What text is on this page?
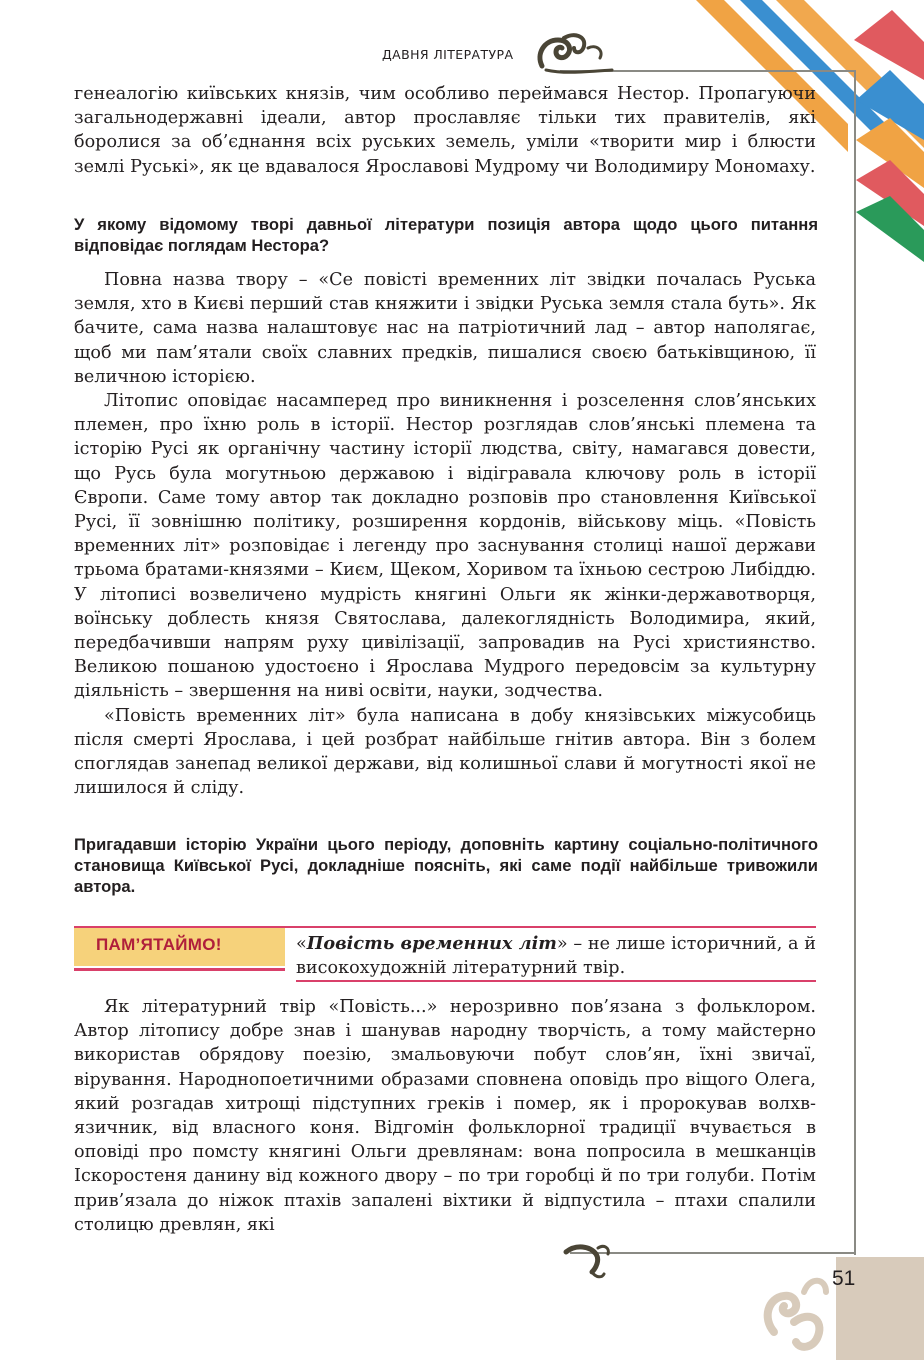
ДАВНЯ ЛІТЕРАТУРА

генеалогію київських князів, чим особливо переймався Нестор. Пропагуючи загальнодержавні ідеали, автор прославляє тільки тих правителів, які боролися за об’єднання всіх руських земель, уміли «творити мир і блюсти землі Руські», як це вдавалося Ярославові Мудрому чи Володимиру Мономаху.

У якому відомому творі давньої літератури позиція автора щодо цього питання відповідає поглядам Нестора?

Повна назва твору – «Се повісті временних літ звідки почалась Руська земля, хто в Києві перший став княжити і звідки Руська земля стала буть». Як бачите, сама назва налаштовує нас на патріотичний лад – автор наполягає, щоб ми пам’ятали своїх славних предків, пишалися своєю батьківщиною, її величною історією.

Літопис оповідає насамперед про виникнення і розселення слов’янських племен, про їхню роль в історії. Нестор розглядав слов’янські племена та історію Русі як органічну частину історії людства, світу, намагався довести, що Русь була могутньою державою і відігравала ключову роль в історії Європи. Саме тому автор так докладно розповів про становлення Київської Русі, її зовнішню політику, розширення кордонів, військову міць. «Повість временних літ» розповідає і легенду про заснування столиці нашої держави трьома братами-князями – Києм, Щеком, Хоривом та їхньою сестрою Либіддю. У літописі возвеличено мудрість княгині Ольги як жінки-державотворця, воїнську доблесть князя Святослава, далекоглядність Володимира, який, передбачивши напрям руху цивілізації, запровадив на Русі християнство. Великою пошаною удостоєно і Ярослава Мудрого передовсім за культурну діяльність – звершення на ниві освіти, науки, зодчества.

«Повість временних літ» була написана в добу князівських міжусобиць після смерті Ярослава, і цей розбрат найбільше гнітив автора. Він з болем споглядав занепад великої держави, від колишньої слави й могутності якої не лишилося й сліду.

Пригадавши історію України цього періоду, доповніть картину соціально-політичного становища Київської Русі, докладніше поясніть, які саме події найбільше тривожили автора.
ПАМ’ЯТАЙМО!	«Повість временних літ» – не лише історичний, а й високохудожній літературний твір.

Як літературний твір «Повість...» нерозривно пов’язана з фольклором. Автор літопису добре знав і шанував народну творчість, а тому майстерно використав обрядову поезію, змальовуючи побут слов’ян, їхні звичаї, вірування. Народнопоетичними образами сповнена оповідь про віщого Олега, який розгадав хитрощі підступних греків і помер, як і пророкував волхв-язичник, від власного коня. Відгомін фольклорної традиції вчувається в оповіді про помсту княгині Ольги древлянам: вона попросила в мешканців Іскоростеня данину від кожного двору – по три горобці й по три голуби. Потім прив’язала до ніжок птахів запалені віхтики й відпустила – птахи спалили столицю древлян, які

51
